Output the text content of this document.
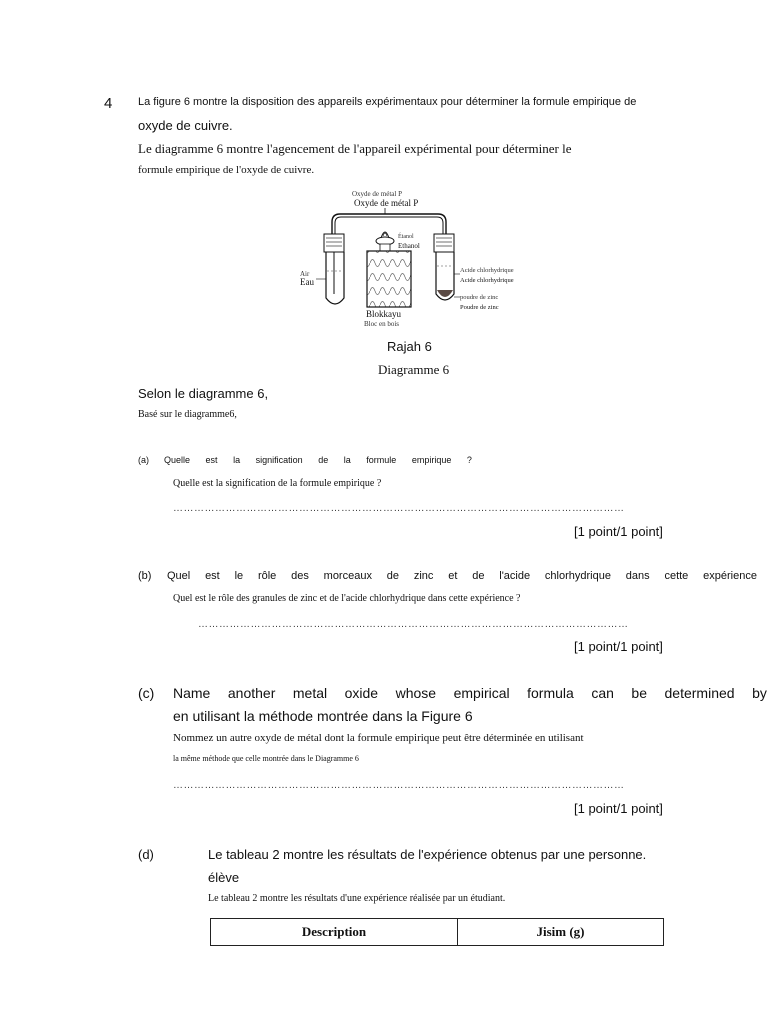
4 La figure 6 montre la disposition des appareils expérimentaux pour déterminer la formule empirique de
oxyde de cuivre.
Le diagramme 6 montre l'agencement de l'appareil expérimental pour déterminer le
formule empirique de l'oxyde de cuivre.
Oxyde de métal P
Oxyde de métal P
Air
Eau
Étanol
Ethanol
Blokkayu
Bloc en bois
Acide chlorhydrique
Acide chlorhydrique
poudre de zinc
Poudre de zinc
Rajah 6
Diagramme 6
Selon le diagramme 6,
Basé sur le diagramme6,
(a) Quelle est la signification de la formule empirique ?
Quelle est la signification de la formule empirique ?
…………………………………………………………………………………………………………………
[1 point/1 point]
(b) Quel est le rôle des morceaux de zinc et de l'acide chlorhydrique dans cette expérience
Quel est le rôle des granules de zinc et de l'acide chlorhydrique dans cette expérience ?
……………………………………………………………………………………………………………
[1 point/1 point]
(c) Name another metal oxide whose empirical formula can be determined by
en utilisant la méthode montrée dans la Figure 6
Nommez un autre oxyde de métal dont la formule empirique peut être déterminée en utilisant
la même méthode que celle montrée dans le Diagramme 6
…………………………………………………………………………………………………………………
[1 point/1 point]
(d)	Le tableau 2 montre les résultats de l'expérience obtenus par une personne.
élève
Le tableau 2 montre les résultats d'une expérience réalisée par un étudiant.
Description	Jisim (g)
